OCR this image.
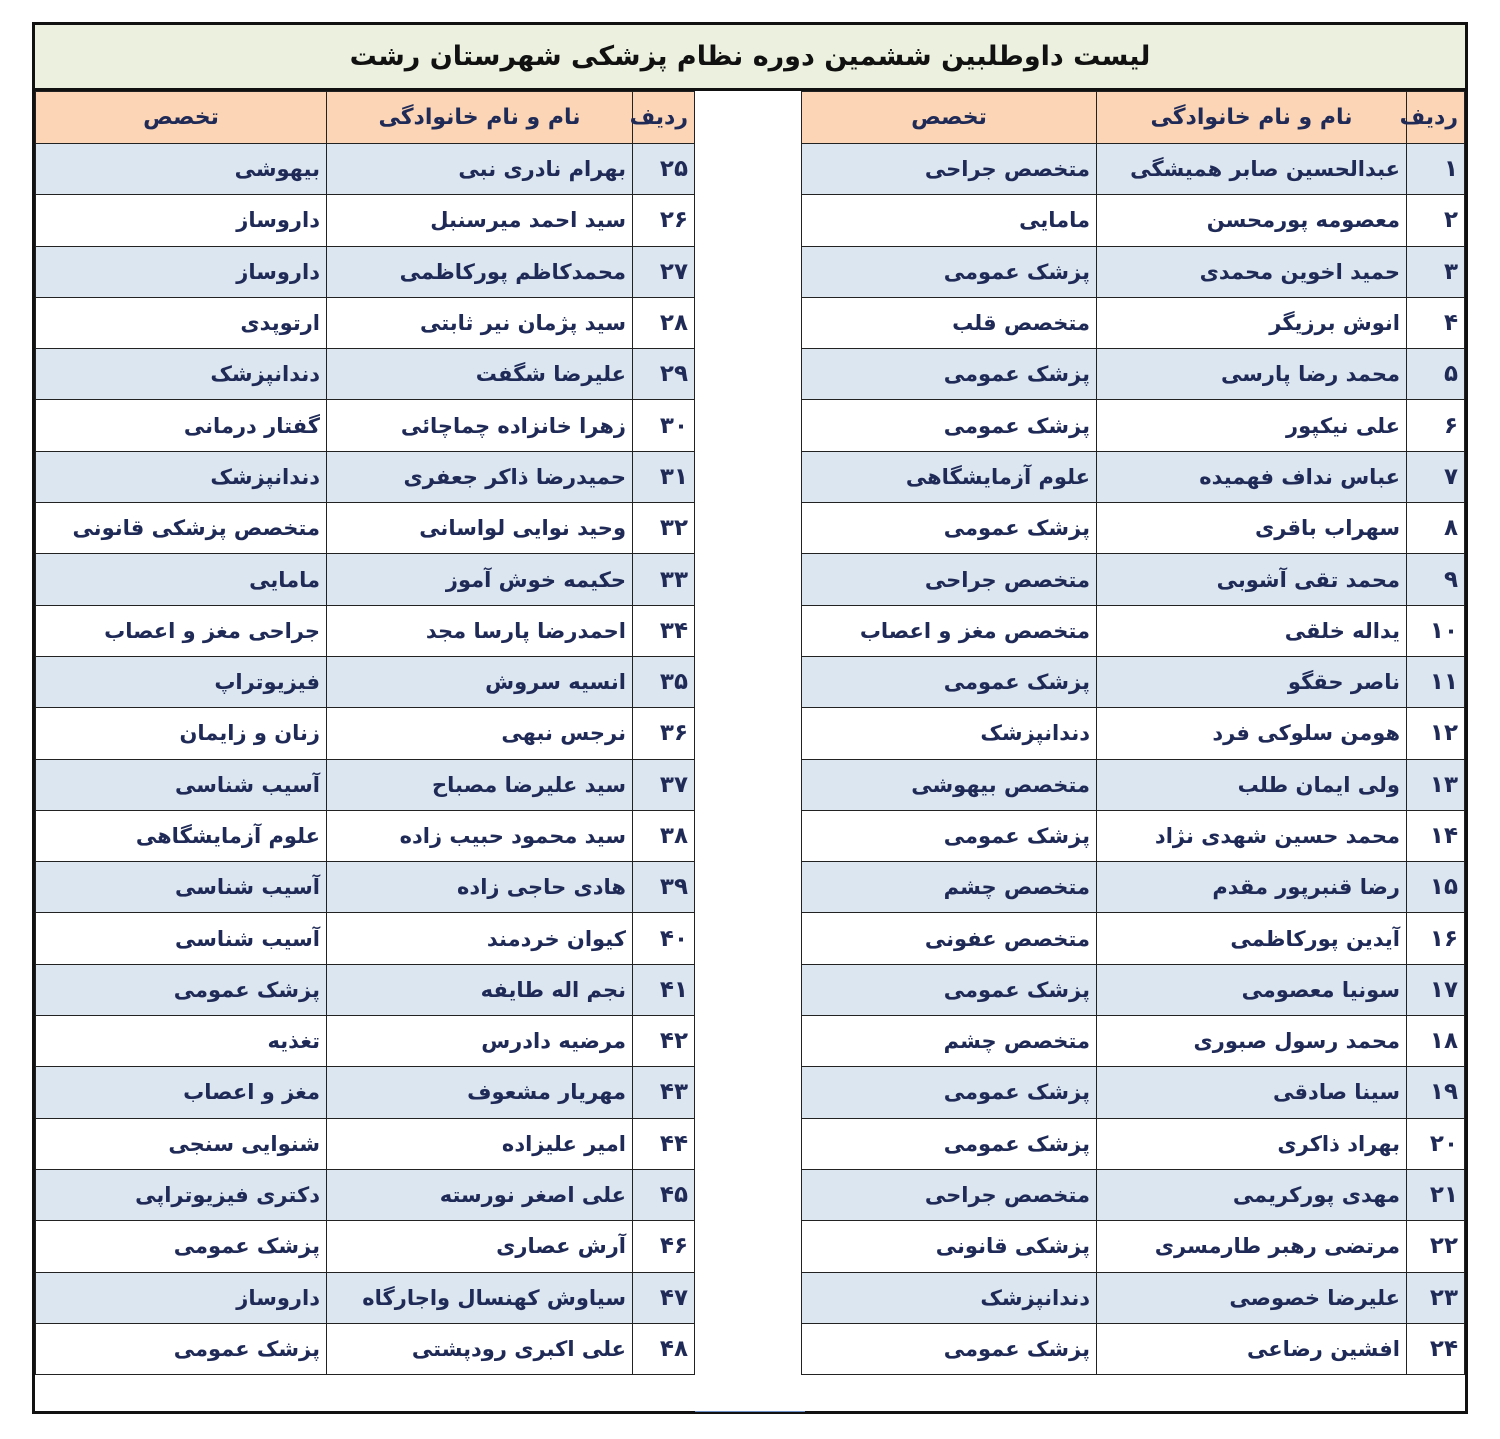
لیست داوطلبین ششمین دوره نظام پزشکی شهرستان رشت
ردیف	نام و نام خانوادگی	تخصص
۱	عبدالحسین صابر همیشگی	متخصص جراحی
۲	معصومه پورمحسن	مامایی
۳	حمید اخوین محمدی	پزشک عمومی
۴	انوش برزیگر	متخصص قلب
۵	محمد رضا پارسی	پزشک عمومی
۶	علی نیکپور	پزشک عمومی
۷	عباس نداف فهمیده	علوم آزمایشگاهی
۸	سهراب باقری	پزشک عمومی
۹	محمد تقی آشوبی	متخصص جراحی
۱۰	یداله خلقی	متخصص مغز و اعصاب
۱۱	ناصر حقگو	پزشک عمومی
۱۲	هومن سلوکی فرد	دندانپزشک
۱۳	ولی ایمان طلب	متخصص بیهوشی
۱۴	محمد حسین شهدی نژاد	پزشک عمومی
۱۵	رضا قنبرپور مقدم	متخصص چشم
۱۶	آیدین پورکاظمی	متخصص عفونی
۱۷	سونیا معصومی	پزشک عمومی
۱۸	محمد رسول صبوری	متخصص چشم
۱۹	سینا صادقی	پزشک عمومی
۲۰	بهراد ذاکری	پزشک عمومی
۲۱	مهدی پورکریمی	متخصص جراحی
۲۲	مرتضی رهبر طارمسری	پزشکی قانونی
۲۳	علیرضا خصوصی	دندانپزشک
۲۴	افشین رضاعی	پزشک عمومی
ردیف	نام و نام خانوادگی	تخصص
۲۵	بهرام نادری نبی	بیهوشی
۲۶	سید احمد میرسنبل	داروساز
۲۷	محمدکاظم پورکاظمی	داروساز
۲۸	سید پژمان نیر ثابتی	ارتوپدی
۲۹	علیرضا شگفت	دندانپزشک
۳۰	زهرا خانزاده چماچائی	گفتار درمانی
۳۱	حمیدرضا ذاکر جعفری	دندانپزشک
۳۲	وحید نوایی لواسانی	متخصص پزشکی قانونی
۳۳	حکیمه خوش آموز	مامایی
۳۴	احمدرضا پارسا مجد	جراحی مغز و اعصاب
۳۵	انسیه سروش	فیزیوتراپ
۳۶	نرجس نبهی	زنان و زایمان
۳۷	سید علیرضا مصباح	آسیب شناسی
۳۸	سید محمود حبیب زاده	علوم آزمایشگاهی
۳۹	هادی حاجی زاده	آسیب شناسی
۴۰	کیوان خردمند	آسیب شناسی
۴۱	نجم اله طایفه	پزشک عمومی
۴۲	مرضیه دادرس	تغذیه
۴۳	مهریار مشعوف	مغز و اعصاب
۴۴	امیر علیزاده	شنوایی سنجی
۴۵	علی اصغر نورسته	دکتری فیزیوتراپی
۴۶	آرش عصاری	پزشک عمومی
۴۷	سیاوش کهنسال واجارگاه	داروساز
۴۸	علی اکبری رودپشتی	پزشک عمومی
